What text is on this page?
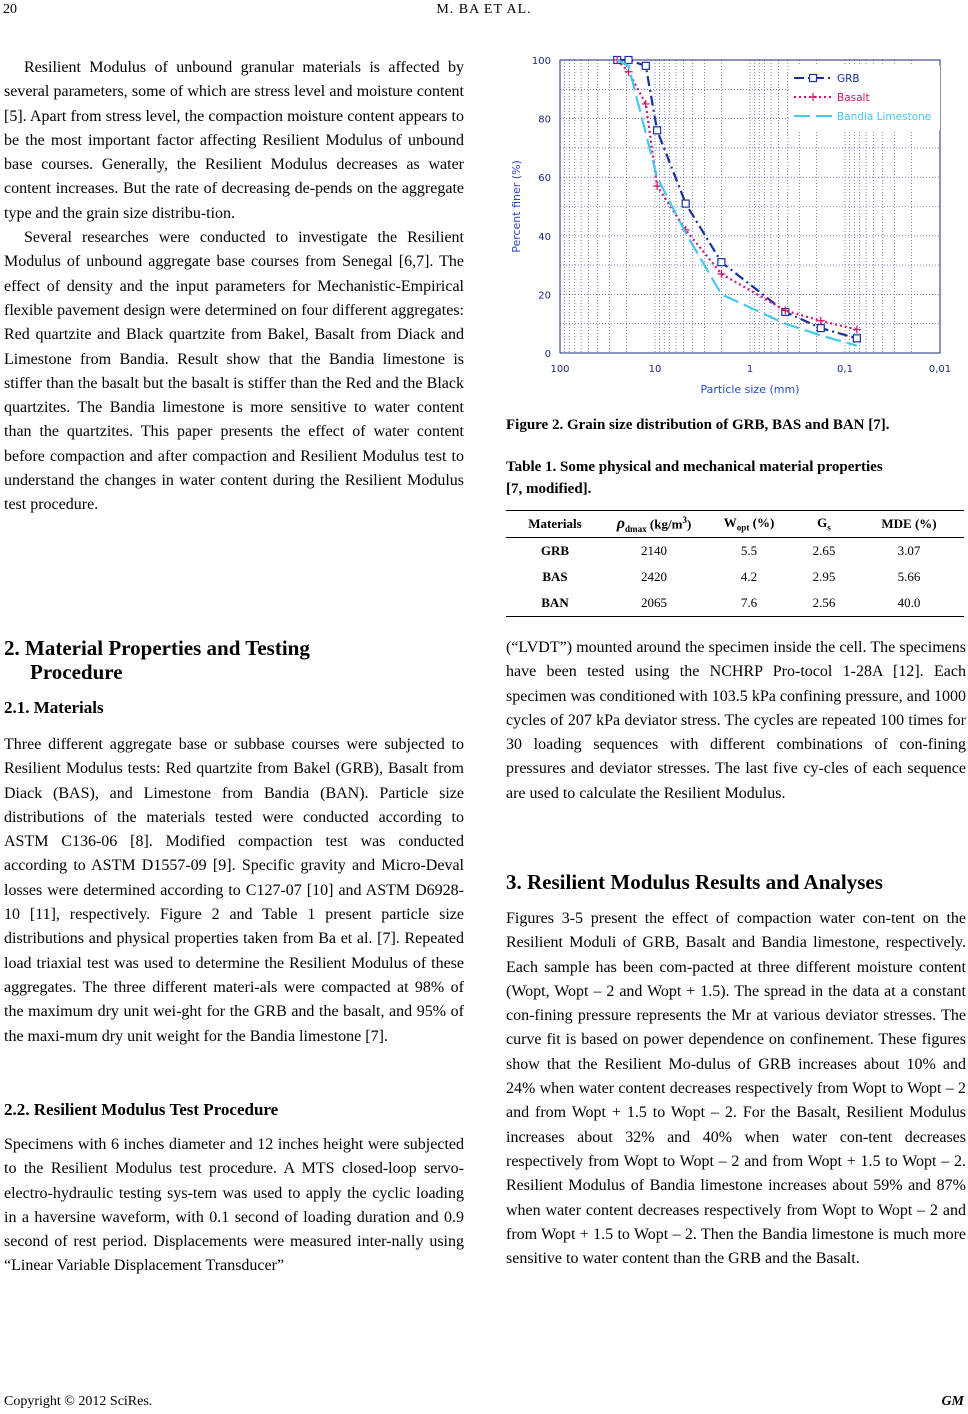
20	M. BA ET AL.

Resilient Modulus of unbound granular materials is affected by several parameters, some of which are stress level and moisture content [5]. Apart from stress level, the compaction moisture content appears to be the most important factor affecting Resilient Modulus of unbound base courses. Generally, the Resilient Modulus decreases as water content increases. But the rate of decreasing de-pends on the aggregate type and the grain size distribu-tion.

Several researches were conducted to investigate the Resilient Modulus of unbound aggregate base courses from Senegal [6,7]. The effect of density and the input parameters for Mechanistic-Empirical flexible pavement design were determined on four different aggregates: Red quartzite and Black quartzite from Bakel, Basalt from Diack and Limestone from Bandia. Result show that the Bandia limestone is stiffer than the basalt but the basalt is stiffer than the Red and the Black quartzites. The Bandia limestone is more sensitive to water content than the quartzites. This paper presents the effect of water content before compaction and after compaction and Resilient Modulus test to understand the changes in water content during the Resilient Modulus test procedure.

2. Material Properties and Testing
Procedure
2.1. Materials

Three different aggregate base or subbase courses were subjected to Resilient Modulus tests: Red quartzite from Bakel (GRB), Basalt from Diack (BAS), and Limestone from Bandia (BAN). Particle size distributions of the materials tested were conducted according to ASTM C136-06 [8]. Modified compaction test was conducted according to ASTM D1557-09 [9]. Specific gravity and Micro-Deval losses were determined according to C127-07 [10] and ASTM D6928-10 [11], respectively. Figure 2 and Table 1 present particle size distributions and physical properties taken from Ba et al. [7]. Repeated load triaxial test was used to determine the Resilient Modulus of these aggregates. The three different materi-als were compacted at 98% of the maximum dry unit wei-ght for the GRB and the basalt, and 95% of the maxi-mum dry unit weight for the Bandia limestone [7].

2.2. Resilient Modulus Test Procedure

Specimens with 6 inches diameter and 12 inches height were subjected to the Resilient Modulus test procedure. A MTS closed-loop servo-electro-hydraulic testing sys-tem was used to apply the cyclic loading in a haversine waveform, with 0.1 second of loading duration and 0.9 second of rest period. Displacements were measured inter-nally using “Linear Variable Displacement Transducer”

100	10	1	0,1	0,01
0
20
40
60
80
100
Particle size (mm)
Percent finer (%)
GRB
Basalt
Bandia Limestone
Figure 2. Grain size distribution of GRB, BAS and BAN [7].
Table 1. Some physical and mechanical material properties
[7, modified].
Materials	$\rho_{dmax}$ $(kg/m^3)$	$W_{opt}$ (%)	$G_s$	MDE (%)
GRB	2140	5.5	2.65	3.07
BAS	2420	4.2	2.95	5.66
BAN	2065	7.6	2.56	40.0

(“LVDT”) mounted around the specimen inside the cell. The specimens have been tested using the NCHRP Pro-tocol 1-28A [12]. Each specimen was conditioned with 103.5 kPa confining pressure, and 1000 cycles of 207 kPa deviator stress. The cycles are repeated 100 times for 30 loading sequences with different combinations of con-fining pressures and deviator stresses. The last five cy-cles of each sequence are used to calculate the Resilient Modulus.

3. Resilient Modulus Results and Analyses

Figures 3-5 present the effect of compaction water con-tent on the Resilient Moduli of GRB, Basalt and Bandia limestone, respectively. Each sample has been com-pacted at three different moisture content (Wopt, Wopt – 2 and Wopt + 1.5). The spread in the data at a constant con-fining pressure represents the Mr at various deviator stresses. The curve fit is based on power dependence on confinement. These figures show that the Resilient Mo-dulus of GRB increases about 10% and 24% when water content decreases respectively from Wopt to Wopt – 2 and from Wopt + 1.5 to Wopt – 2. For the Basalt, Resilient Modulus increases about 32% and 40% when water con-tent decreases respectively from Wopt to Wopt – 2 and from Wopt + 1.5 to Wopt – 2. Resilient Modulus of Bandia limestone increases about 59% and 87% when water content decreases respectively from Wopt to Wopt – 2 and from Wopt + 1.5 to Wopt – 2. Then the Bandia limestone is much more sensitive to water content than the GRB and the Basalt.

Copyright © 2012 SciRes.	GM
